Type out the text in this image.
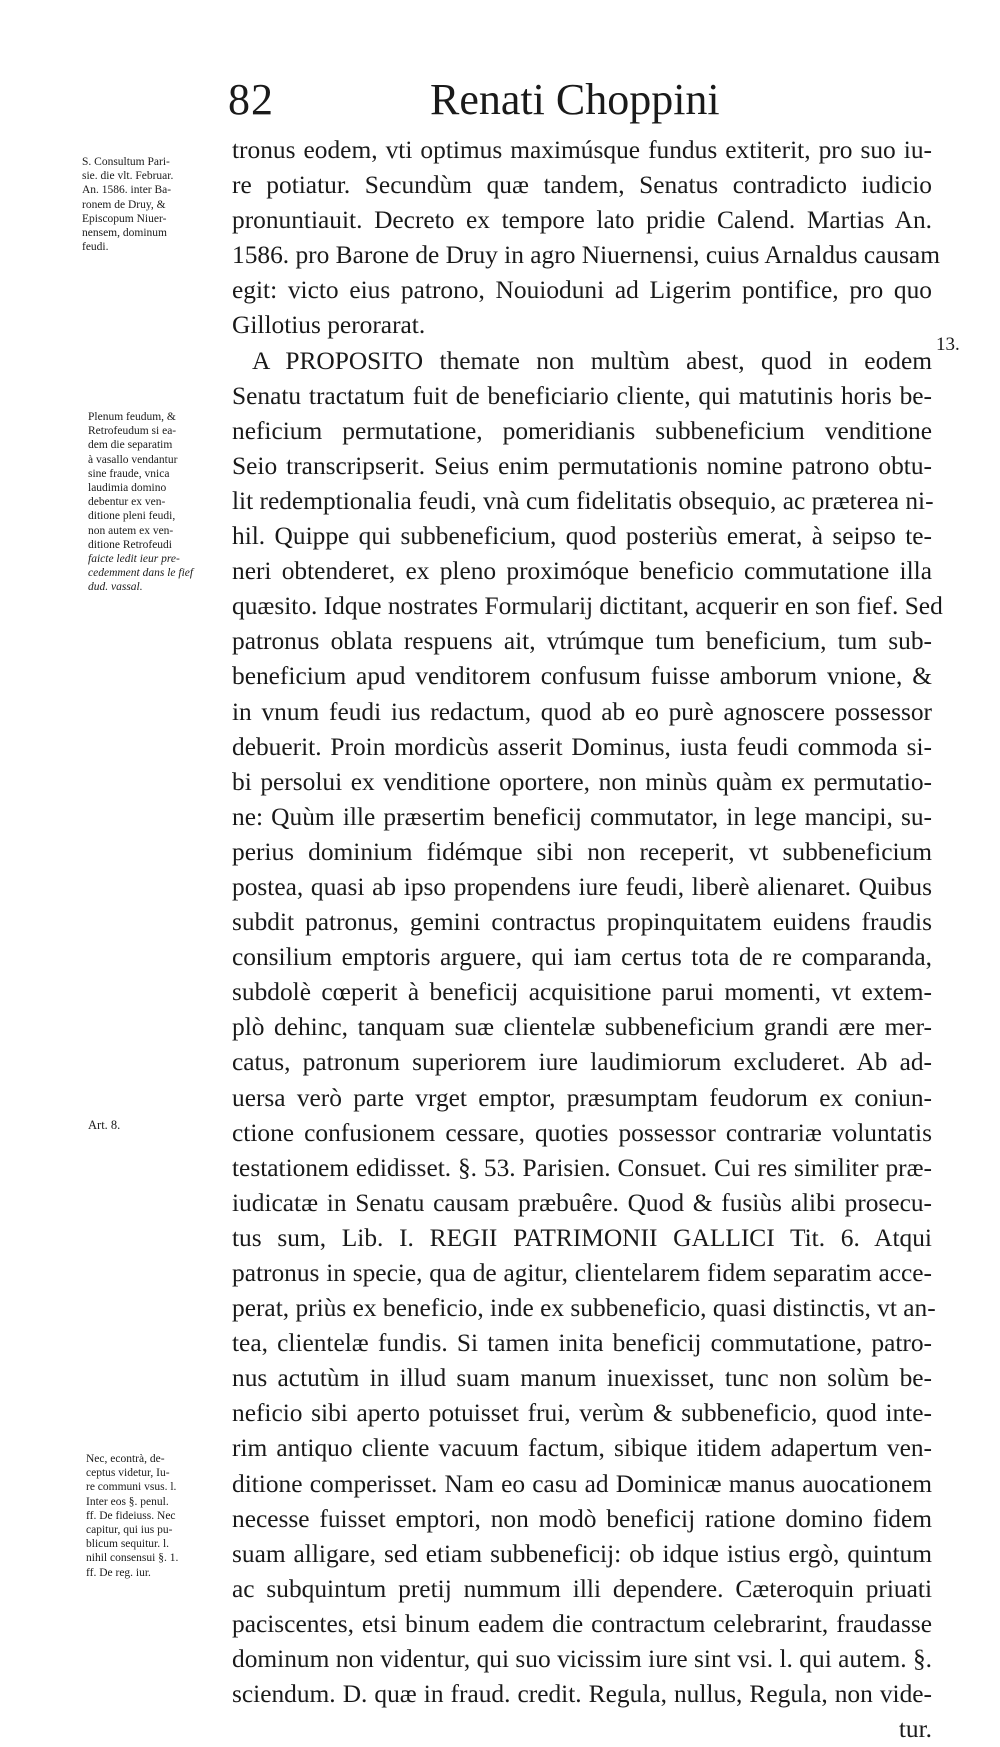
82	Renati Choppini
13.
S. Consultum Pari-
sie. die vlt. Februar.
An. 1586. inter Ba-
ronem de Druy, &
Episcopum Niuer-
nensem, dominum
feudi.
Plenum feudum, &
Retrofeudum si ea-
dem die separatim
à vasallo vendantur
sine fraude, vnica
laudimia domino
debentur ex ven-
ditione pleni feudi,
non autem ex ven-
ditione Retrofeudi
faicte ledit ieur pre-
cedemment dans le fief
dud. vassal.
Art. 8.
Nec, econtrà, de-
ceptus videtur, Iu-
re communi vsus. l.
Inter eos §. penul.
ff. De fideiuss. Nec
capitur, qui ius pu-
blicum sequitur. l.
nihil consensui §. 1.
ff. De reg. iur.
tronus eodem, vti optimus maximúsque fundus extiterit, pro suo iu-
re potiatur. Secundùm quæ tandem, Senatus contradicto iudicio
pronuntiauit. Decreto ex tempore lato pridie Calend. Martias An.
1586. pro Barone de Druy in agro Niuernensi, cuius Arnaldus causam
egit: victo eius patrono, Nouioduni ad Ligerim pontifice, pro quo
Gillotius perorarat.
A PROPOSITO themate non multùm abest, quod in eodem
Senatu tractatum fuit de beneficiario cliente, qui matutinis horis be-
neficium permutatione, pomeridianis subbeneficium venditione
Seio transcripserit. Seius enim permutationis nomine patrono obtu-
lit redemptionalia feudi, vnà cum fidelitatis obsequio, ac præterea ni-
hil. Quippe qui subbeneficium, quod posteriùs emerat, à seipso te-
neri obtenderet, ex pleno proximóque beneficio commutatione illa
quæsito. Idque nostrates Formularij dictitant, acquerir en son fief. Sed
patronus oblata respuens ait, vtrúmque tum beneficium, tum sub-
beneficium apud venditorem confusum fuisse amborum vnione, &
in vnum feudi ius redactum, quod ab eo purè agnoscere possessor
debuerit. Proin mordicùs asserit Dominus, iusta feudi commoda si-
bi persolui ex venditione oportere, non minùs quàm ex permutatio-
ne: Quùm ille præsertim beneficij commutator, in lege mancipi, su-
perius dominium fidémque sibi non receperit, vt subbeneficium
postea, quasi ab ipso propendens iure feudi, liberè alienaret. Quibus
subdit patronus, gemini contractus propinquitatem euidens fraudis
consilium emptoris arguere, qui iam certus tota de re comparanda,
subdolè cœperit à beneficij acquisitione parui momenti, vt extem-
plò dehinc, tanquam suæ clientelæ subbeneficium grandi ære mer-
catus, patronum superiorem iure laudimiorum excluderet. Ab ad-
uersa verò parte vrget emptor, præsumptam feudorum ex coniun-
ctione confusionem cessare, quoties possessor contrariæ voluntatis
testationem edidisset. §. 53. Parisien. Consuet. Cui res similiter præ-
iudicatæ in Senatu causam præbuêre. Quod & fusiùs alibi prosecu-
tus sum, Lib. I. REGII PATRIMONII GALLICI Tit. 6. Atqui
patronus in specie, qua de agitur, clientelarem fidem separatim acce-
perat, priùs ex beneficio, inde ex subbeneficio, quasi distinctis, vt an-
tea, clientelæ fundis. Si tamen inita beneficij commutatione, patro-
nus actutùm in illud suam manum inuexisset, tunc non solùm be-
neficio sibi aperto potuisset frui, verùm & subbeneficio, quod inte-
rim antiquo cliente vacuum factum, sibique itidem adapertum ven-
ditione comperisset. Nam eo casu ad Dominicæ manus auocationem
necesse fuisset emptori, non modò beneficij ratione domino fidem
suam alligare, sed etiam subbeneficij: ob idque istius ergò, quintum
ac subquintum pretij nummum illi dependere. Cæteroquin priuati
paciscentes, etsi binum eadem die contractum celebrarint, fraudasse
dominum non videntur, qui suo vicissim iure sint vsi. l. qui autem. §.
sciendum. D. quæ in fraud. credit. Regula, nullus, Regula, non vide-
tur.
